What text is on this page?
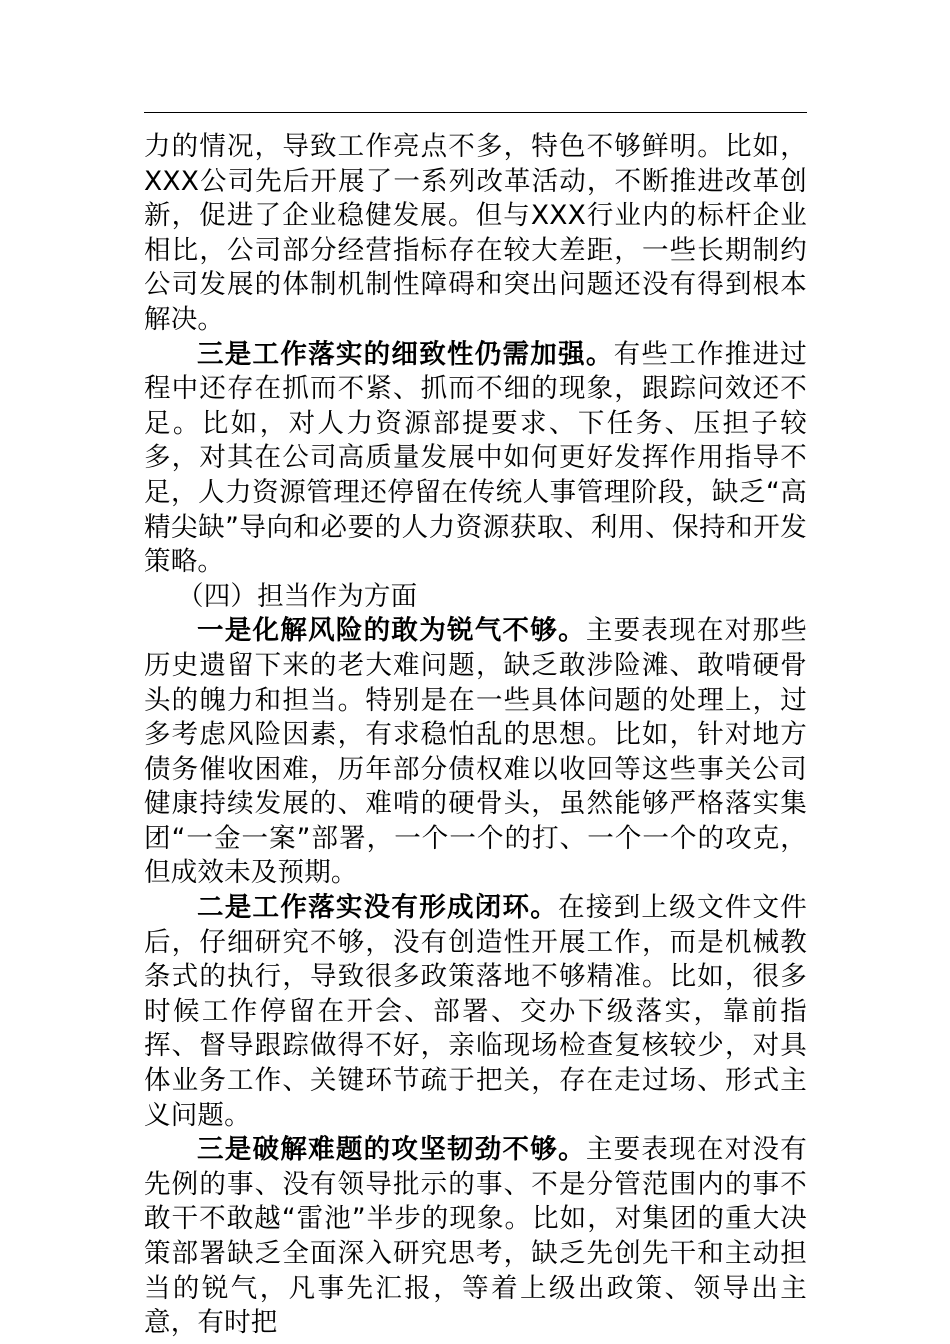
力的情况，导致工作亮点不多，特色不够鲜明。比如，XXX公司先后开展了一系列改革活动，不断推进改革创新，促进了企业稳健发展。但与XXX行业内的标杆企业相比，公司部分经营指标存在较大差距，一些长期制约公司发展的体制机制性障碍和突出问题还没有得到根本解决。

三是工作落实的细致性仍需加强。有些工作推进过程中还存在抓而不紧、抓而不细的现象，跟踪问效还不足。比如，对人力资源部提要求、下任务、压担子较多，对其在公司高质量发展中如何更好发挥作用指导不足，人力资源管理还停留在传统人事管理阶段，缺乏“高精尖缺”导向和必要的人力资源获取、利用、保持和开发策略。

（四）担当作为方面

一是化解风险的敢为锐气不够。主要表现在对那些历史遗留下来的老大难问题，缺乏敢涉险滩、敢啃硬骨头的魄力和担当。特别是在一些具体问题的处理上，过多考虑风险因素，有求稳怕乱的思想。比如，针对地方债务催收困难，历年部分债权难以收回等这些事关公司健康持续发展的、难啃的硬骨头，虽然能够严格落实集团“一金一案”部署，一个一个的打、一个一个的攻克，但成效未及预期。

二是工作落实没有形成闭环。在接到上级文件文件后，仔细研究不够，没有创造性开展工作，而是机械教条式的执行，导致很多政策落地不够精准。比如，很多时候工作停留在开会、部署、交办下级落实，靠前指挥、督导跟踪做得不好，亲临现场检查复核较少，对具体业务工作、关键环节疏于把关，存在走过场、形式主义问题。

三是破解难题的攻坚韧劲不够。主要表现在对没有先例的事、没有领导批示的事、不是分管范围内的事不敢干不敢越“雷池”半步的现象。比如，对集团的重大决策部署缺乏全面深入研究思考，缺乏先创先干和主动担当的锐气，凡事先汇报，等着上级出政策、领导出主意，有时把
